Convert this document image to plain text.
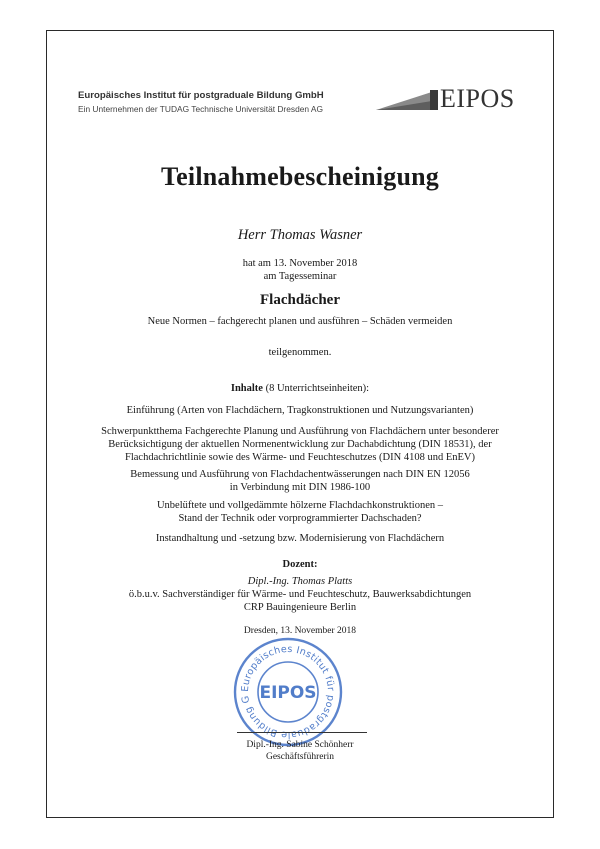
Europäisches Institut für postgraduale Bildung GmbH
Ein Unternehmen der TUDAG Technische Universität Dresden AG	EIPOS
Teilnahmebescheinigung
Herr Thomas Wasner
hat am 13. November 2018
am Tagesseminar
Flachdächer
Neue Normen – fachgerecht planen und ausführen – Schäden vermeiden
teilgenommen.
Inhalte (8 Unterrichtseinheiten):
Einführung (Arten von Flachdächern, Tragkonstruktionen und Nutzungsvarianten)
Schwerpunktthema Fachgerechte Planung und Ausführung von Flachdächern unter besonderer
Berücksichtigung der aktuellen Normenentwicklung zur Dachabdichtung (DIN 18531), der
Flachdachrichtlinie sowie des Wärme- und Feuchteschutzes (DIN 4108 und EnEV)
Bemessung und Ausführung von Flachdachentwässerungen nach DIN EN 12056
in Verbindung mit DIN 1986-100
Unbelüftete und vollgedämmte hölzerne Flachdachkonstruktionen –
Stand der Technik oder vorprogrammierter Dachschaden?
Instandhaltung und -setzung bzw. Modernisierung von Flachdächern
Dozent:
Dipl.-Ing. Thomas Platts
ö.b.u.v. Sachverständiger für Wärme- und Feuchteschutz, Bauwerksabdichtungen
CRP Bauingenieure Berlin
Dresden, 13. November 2018
Europäisches Institut für postgraduale Bildung G EIPOS
Dipl.-Ing. Sabine Schönherr
Geschäftsführerin
